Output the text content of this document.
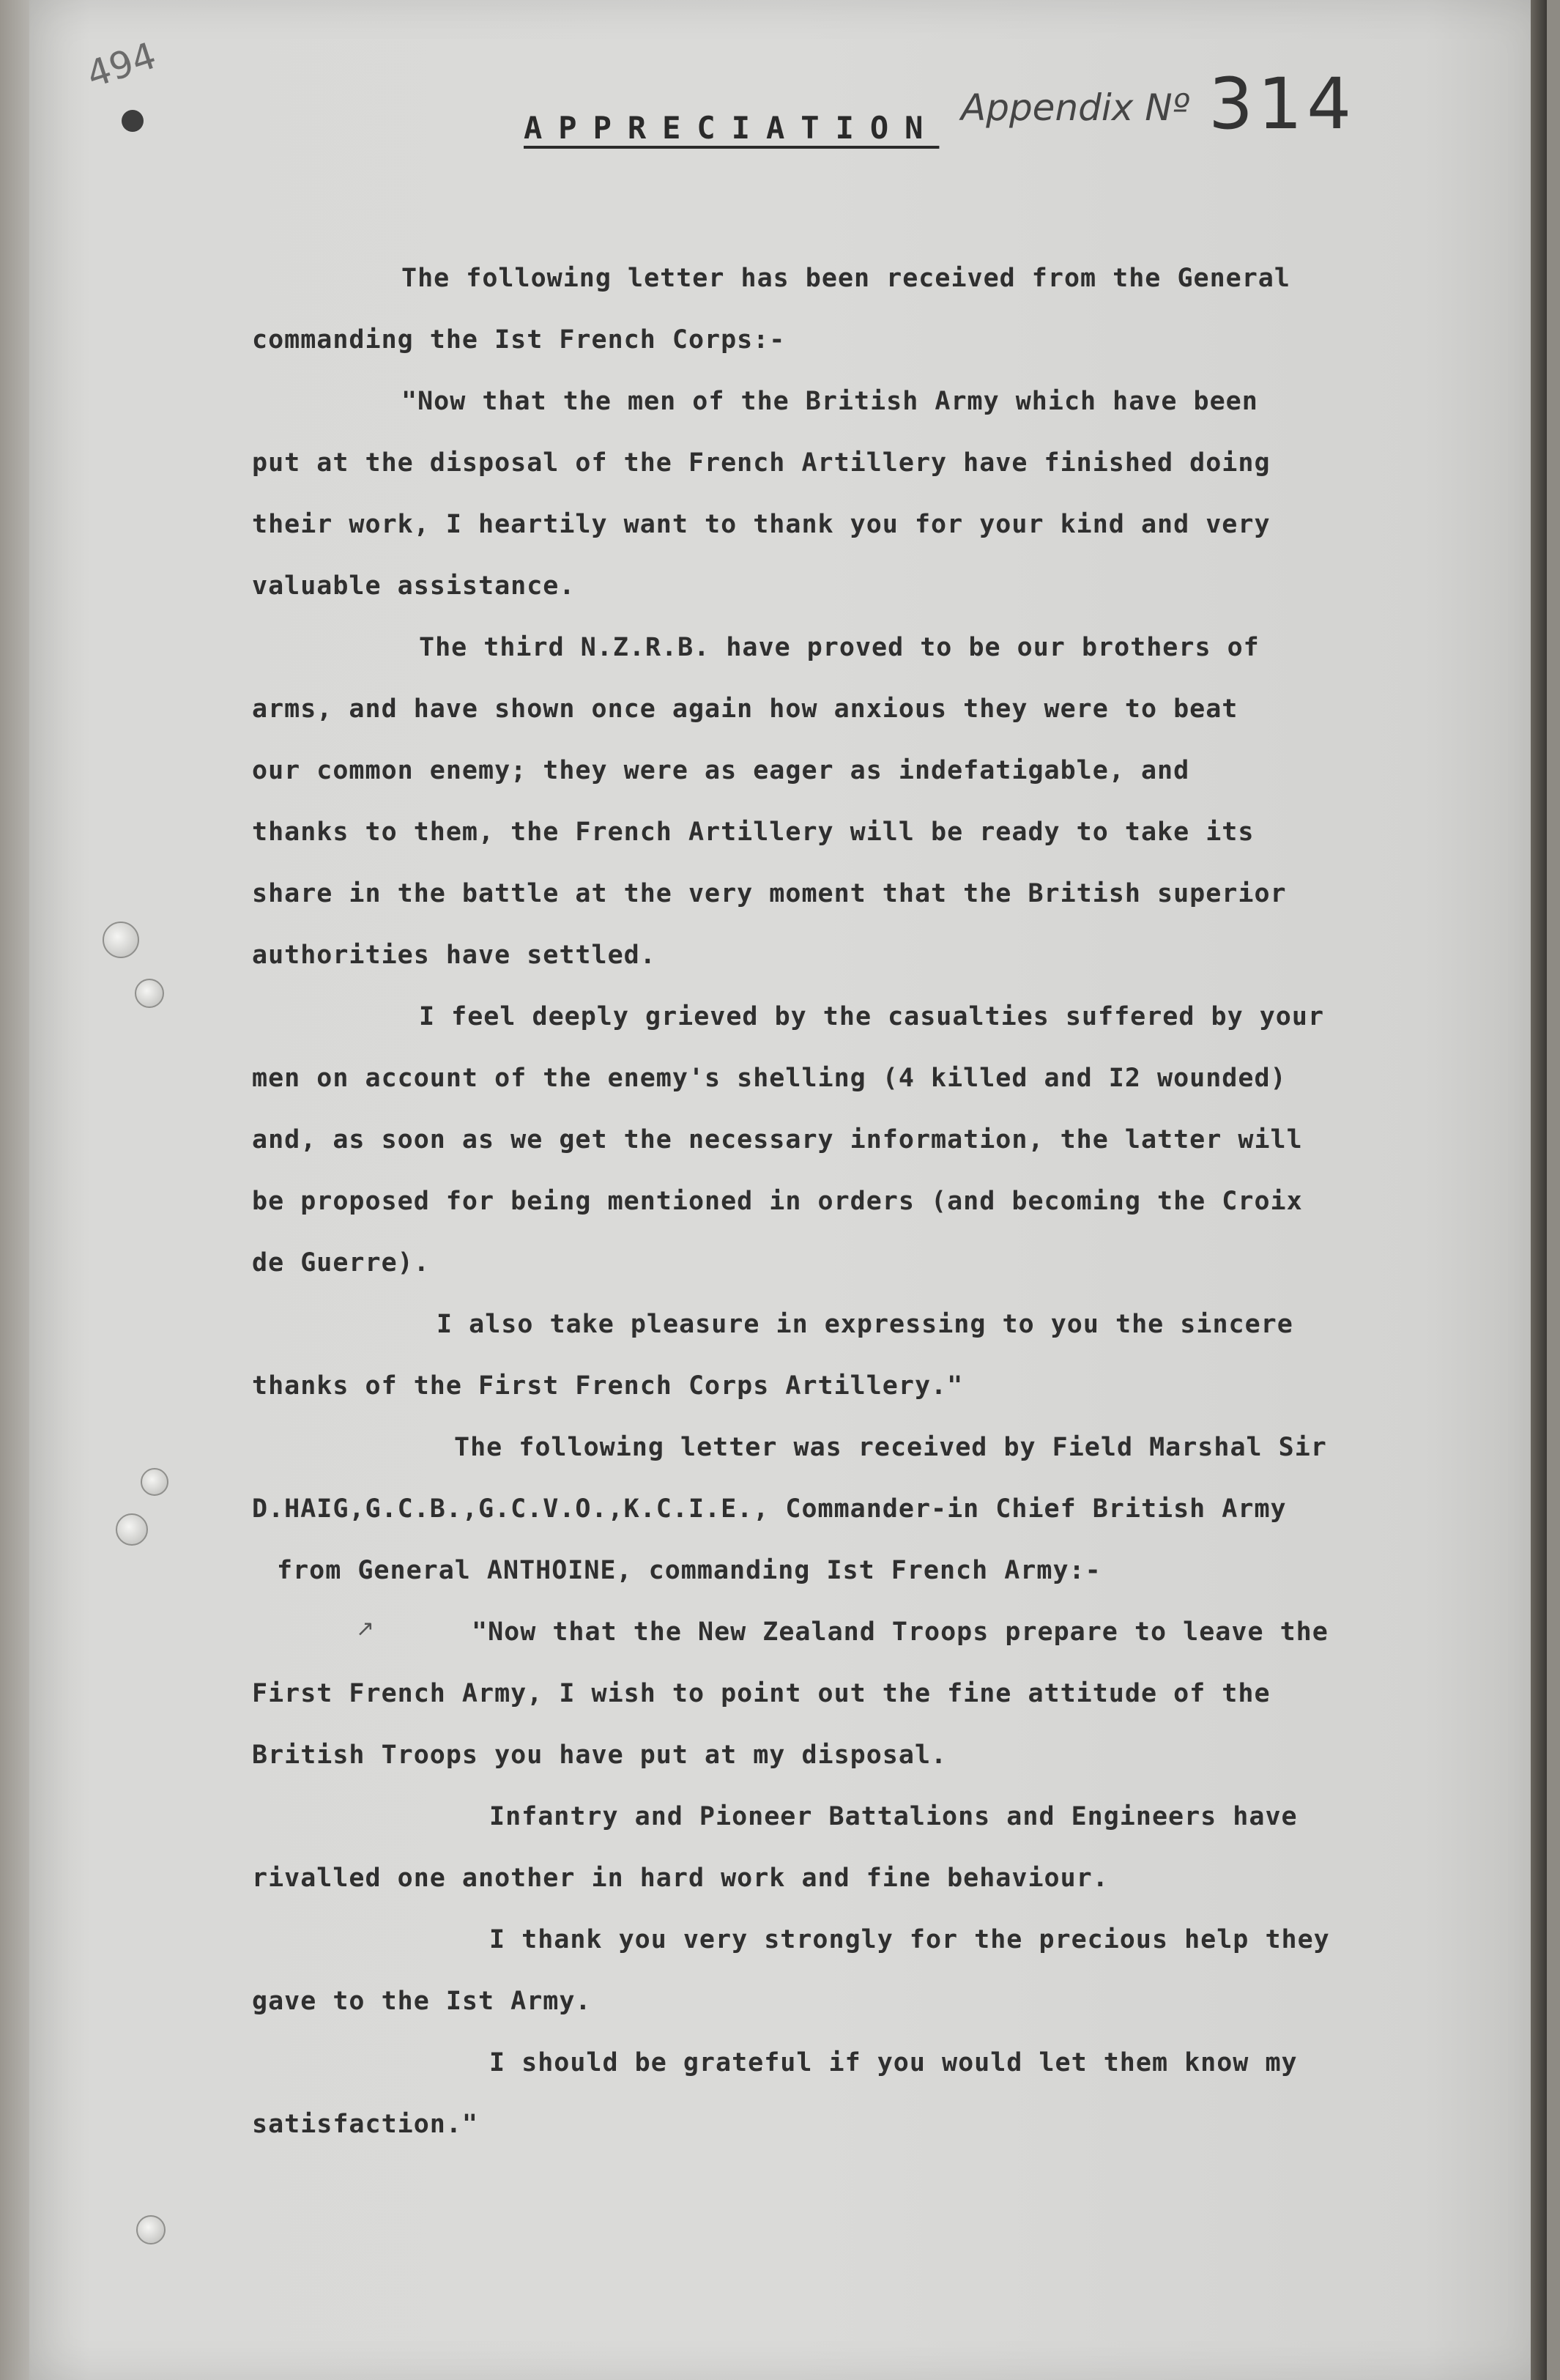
494
APPRECIATION Appendix Nº 314
The following letter has been received from the General
commanding the Ist French Corps:-
"Now that the men of the British Army which have been
put at the disposal of the French Artillery have finished doing
their work, I heartily want to thank you for your kind and very
valuable assistance.
The third N.Z.R.B. have proved to be our brothers of
arms, and have shown once again how anxious they were to beat
our common enemy; they were as eager as indefatigable, and
thanks to them, the French Artillery will be ready to take its
share in the battle at the very moment that the British superior
authorities have settled.
I feel deeply grieved by the casualties suffered by your
men on account of the enemy's shelling (4 killed and I2 wounded)
and, as soon as we get the necessary information, the latter will
be proposed for being mentioned in orders (and becoming the Croix
de Guerre).
I also take pleasure in expressing to you the sincere
thanks of the First French Corps Artillery."
The following letter was received by Field Marshal Sir
D.HAIG,G.C.B.,G.C.V.O.,K.C.I.E., Commander-in Chief British Army
from General ANTHOINE, commanding Ist French Army:-
↗	"Now that the New Zealand Troops prepare to leave the
First French Army, I wish to point out the fine attitude of the
British Troops you have put at my disposal.
Infantry and Pioneer Battalions and Engineers have
rivalled one another in hard work and fine behaviour.
I thank you very strongly for the precious help they
gave to the Ist Army.
I should be grateful if you would let them know my
satisfaction."
